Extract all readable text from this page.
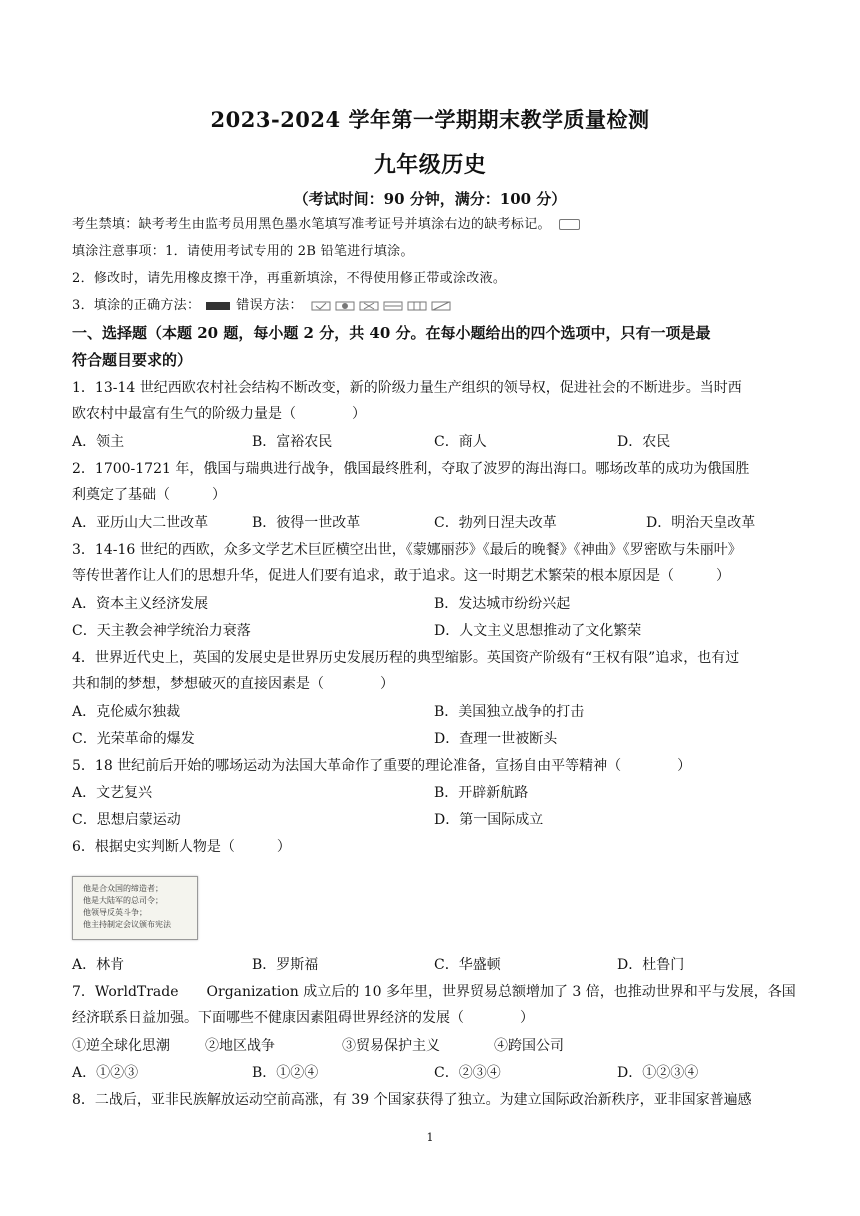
2023-2024 学年第一学期期末教学质量检测
九年级历史
（考试时间：90 分钟，满分：100 分）
考生禁填：缺考考生由监考员用黑色墨水笔填写准考证号并填涂右边的缺考标记。
填涂注意事项：1．请使用考试专用的 2B 铅笔进行填涂。
2．修改时，请先用橡皮擦干净，再重新填涂，不得使用修正带或涂改液。
3．填涂的正确方法：	错误方法：
一、选择题（本题 20 题，每小题 2 分，共 40 分。在每小题给出的四个选项中，只有一项是最
符合题目要求的）
1．13-14 世纪西欧农村社会结构不断改变，新的阶级力量生产组织的领导权，促进社会的不断进步。当时西
欧农村中最富有生气的阶级力量是（　　　　）
A．领主	B．富裕农民	C．商人	D．农民
2．1700-1721 年，俄国与瑞典进行战争，俄国最终胜利，夺取了波罗的海出海口。哪场改革的成功为俄国胜
利奠定了基础（　　　）
A．亚历山大二世改革	B．彼得一世改革	C．勃列日涅夫改革	D．明治天皇改革
3．14-16 世纪的西欧，众多文学艺术巨匠横空出世，《蒙娜丽莎》《最后的晚餐》《神曲》《罗密欧与朱丽叶》
等传世著作让人们的思想升华，促进人们要有追求，敢于追求。这一时期艺术繁荣的根本原因是（　　　）
A．资本主义经济发展	B．发达城市纷纷兴起
C．天主教会神学统治力衰落	D．人文主义思想推动了文化繁荣
4．世界近代史上，英国的发展史是世界历史发展历程的典型缩影。英国资产阶级有“王权有限”追求，也有过
共和制的梦想，梦想破灭的直接因素是（　　　　）
A．克伦威尔独裁	B．美国独立战争的打击
C．光荣革命的爆发	D．查理一世被断头
5．18 世纪前后开始的哪场运动为法国大革命作了重要的理论准备，宣扬自由平等精神（　　　　）
A．文艺复兴	B．开辟新航路
C．思想启蒙运动	D．第一国际成立
6．根据史实判断人物是（　　　）
他是合众国的缔造者；
他是大陆军的总司令；
他领导反英斗争；
他主持制定会议颁布宪法
A．林肯	B．罗斯福	C．华盛顿	D．杜鲁门
7．WorldTrade　　Organization 成立后的 10 多年里，世界贸易总额增加了 3 倍，也推动世界和平与发展，各国
经济联系日益加强。下面哪些不健康因素阻碍世界经济的发展（　　　　）
①逆全球化思潮	②地区战争	③贸易保护主义	④跨国公司
A．①②③	B．①②④	C．②③④	D．①②③④
8．二战后，亚非民族解放运动空前高涨，有 39 个国家获得了独立。为建立国际政治新秩序，亚非国家普遍感
1
